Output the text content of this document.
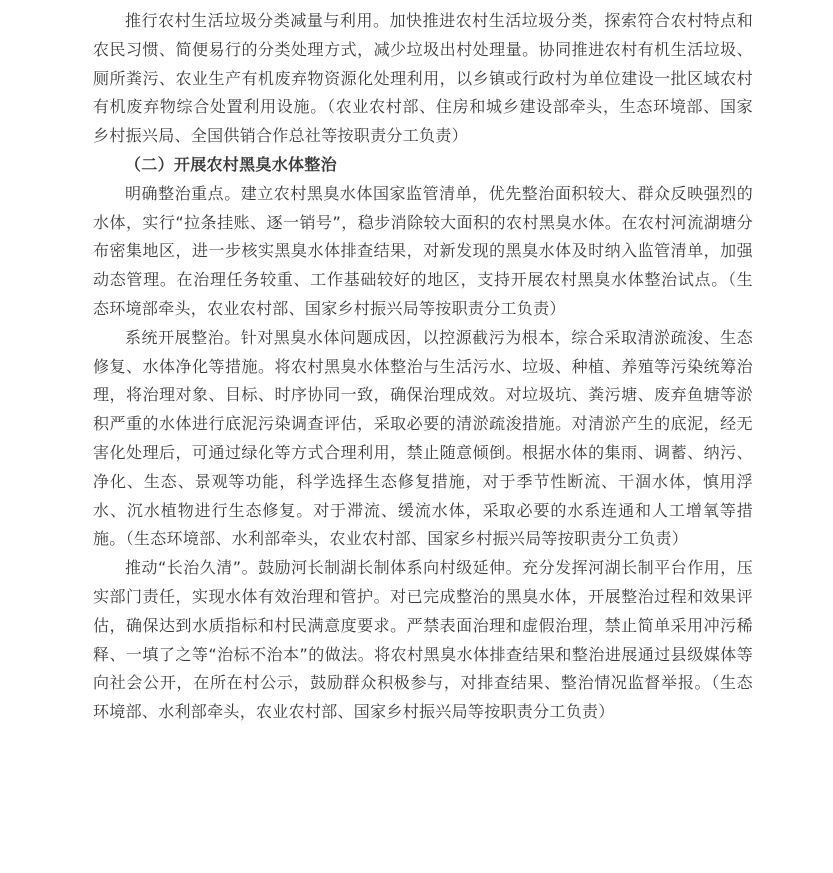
推行农村生活垃圾分类减量与利用。加快推进农村生活垃圾分类，探索符合农村特点和农民习惯、简便易行的分类处理方式，减少垃圾出村处理量。协同推进农村有机生活垃圾、厕所粪污、农业生产有机废弃物资源化处理利用，以乡镇或行政村为单位建设一批区域农村有机废弃物综合处置利用设施。（农业农村部、住房和城乡建设部牵头，生态环境部、国家乡村振兴局、全国供销合作总社等按职责分工负责）

（二）开展农村黑臭水体整治

明确整治重点。建立农村黑臭水体国家监管清单，优先整治面积较大、群众反映强烈的水体，实行“拉条挂账、逐一销号”，稳步消除较大面积的农村黑臭水体。在农村河流湖塘分布密集地区，进一步核实黑臭水体排查结果，对新发现的黑臭水体及时纳入监管清单，加强动态管理。在治理任务较重、工作基础较好的地区，支持开展农村黑臭水体整治试点。（生态环境部牵头，农业农村部、国家乡村振兴局等按职责分工负责）

系统开展整治。针对黑臭水体问题成因，以控源截污为根本，综合采取清淤疏浚、生态修复、水体净化等措施。将农村黑臭水体整治与生活污水、垃圾、种植、养殖等污染统筹治理，将治理对象、目标、时序协同一致，确保治理成效。对垃圾坑、粪污塘、废弃鱼塘等淤积严重的水体进行底泥污染调查评估，采取必要的清淤疏浚措施。对清淤产生的底泥，经无害化处理后，可通过绿化等方式合理利用，禁止随意倾倒。根据水体的集雨、调蓄、纳污、净化、生态、景观等功能，科学选择生态修复措施，对于季节性断流、干涸水体，慎用浮水、沉水植物进行生态修复。对于滞流、缓流水体，采取必要的水系连通和人工增氧等措施。（生态环境部、水利部牵头，农业农村部、国家乡村振兴局等按职责分工负责）

推动“长治久清”。鼓励河长制湖长制体系向村级延伸。充分发挥河湖长制平台作用，压实部门责任，实现水体有效治理和管护。对已完成整治的黑臭水体，开展整治过程和效果评估，确保达到水质指标和村民满意度要求。严禁表面治理和虚假治理，禁止简单采用冲污稀释、一填了之等“治标不治本”的做法。将农村黑臭水体排查结果和整治进展通过县级媒体等向社会公开，在所在村公示，鼓励群众积极参与，对排查结果、整治情况监督举报。（生态环境部、水利部牵头，农业农村部、国家乡村振兴局等按职责分工负责）
